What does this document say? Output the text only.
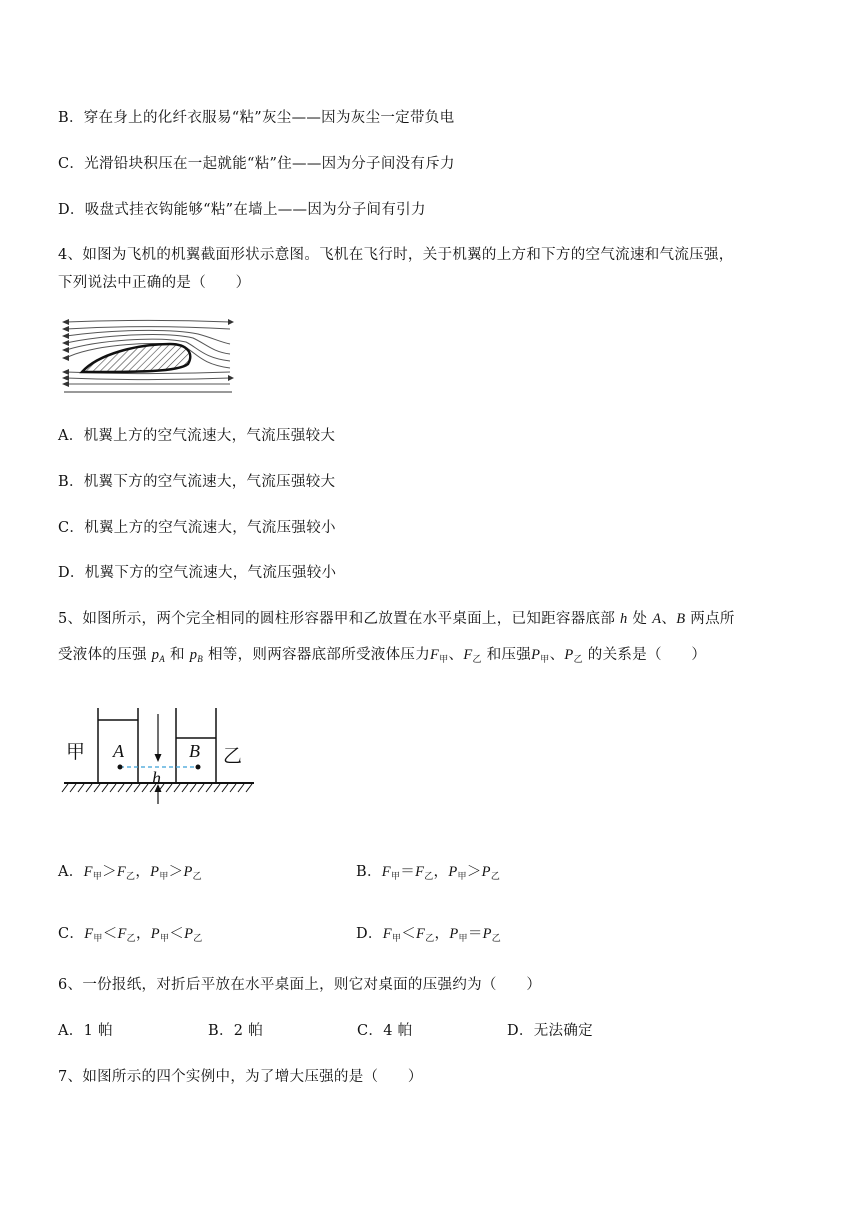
B．穿在身上的化纤衣服易“粘”灰尘——因为灰尘一定带负电
C．光滑铅块积压在一起就能“粘”住——因为分子间没有斥力
D．吸盘式挂衣钩能够“粘”在墙上——因为分子间有引力
4、如图为飞机的机翼截面形状示意图。飞机在飞行时，关于机翼的上方和下方的空气流速和气流压强，
下列说法中正确的是（　　）
A．机翼上方的空气流速大，气流压强较大
B．机翼下方的空气流速大，气流压强较大
C．机翼上方的空气流速大，气流压强较小
D．机翼下方的空气流速大，气流压强较小
5、如图所示，两个完全相同的圆柱形容器甲和乙放置在水平桌面上，已知距容器底部 h 处 A、B 两点所
受液体的压强 $p_A$ 和 $p_B$ 相等，则两容器底部所受液体压力$F_甲$、$F_乙$ 和压强$P_甲$、$P_乙$ 的关系是（　　）
甲	乙
A	B
h
A．$F_甲>F_乙$，$P_甲>P_乙$	B．$F_甲=F_乙$，$P_甲>P_乙$
C．$F_甲<F_乙$，$P_甲<P_乙$	D．$F_甲<F_乙$，$P_甲=P_乙$
6、一份报纸，对折后平放在水平桌面上，则它对桌面的压强约为（　　）
A．1 帕	B．2 帕	C．4 帕	D．无法确定
7、如图所示的四个实例中，为了增大压强的是（　　）
